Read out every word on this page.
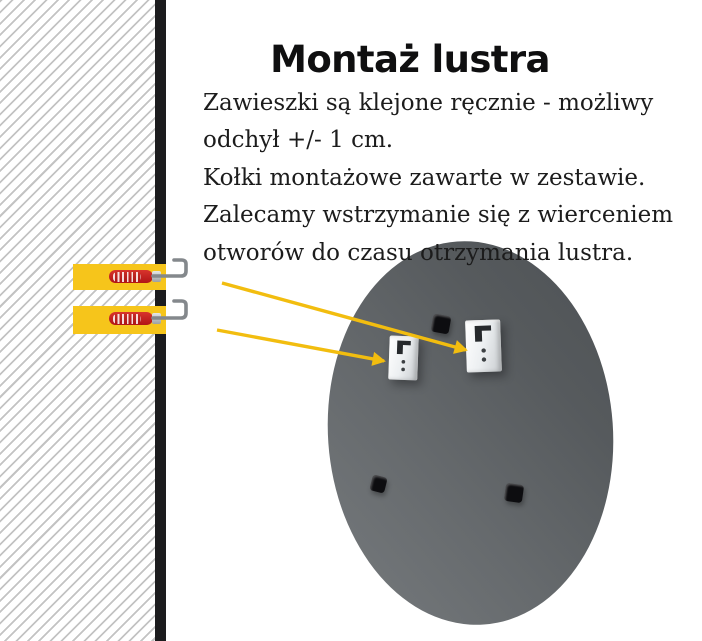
Montaż lustra
Zawieszki są klejone ręcznie - możliwy
odchył +/- 1 cm.
Kołki montażowe zawarte w zestawie.
Zalecamy wstrzymanie się z wierceniem
otworów do czasu otrzymania lustra.
